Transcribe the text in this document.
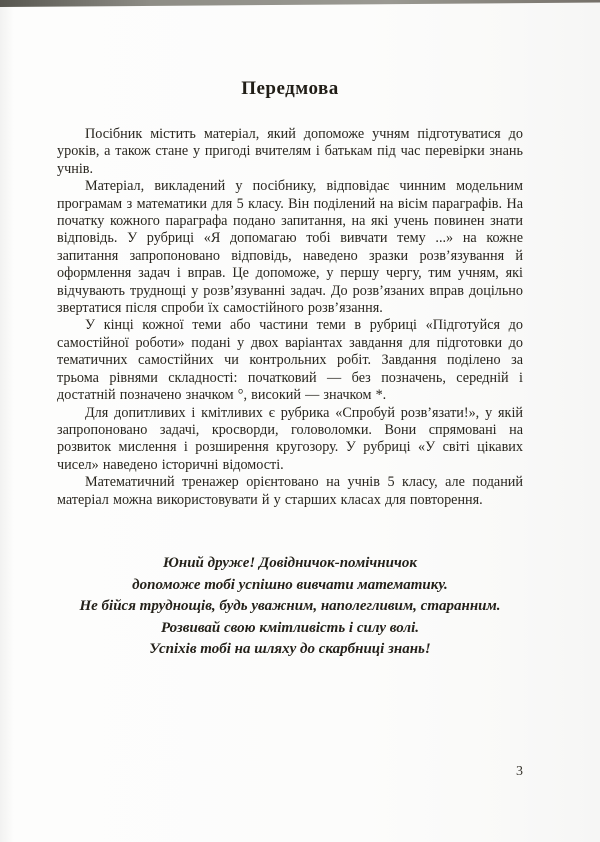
Передмова

Посібник містить матеріал, який допоможе учням підготуватися до уроків, а також стане у пригоді вчителям і батькам під час перевірки знань учнів.

Матеріал, викладений у посібнику, відповідає чинним модельним програмам з математики для 5 класу. Він поділений на вісім параграфів. На початку кожного параграфа подано запитання, на які учень повинен знати відповідь. У рубриці «Я допомагаю тобі вивчати тему ...» на кожне запитання запропоновано відповідь, наведено зразки розв’язування й оформлення задач і вправ. Це допоможе, у першу чергу, тим учням, які відчувають труднощі у розв’язуванні задач. До розв’язаних вправ доцільно звертатися після спроби їх самостійного розв’язання.

У кінці кожної теми або частини теми в рубриці «Підготуйся до самостійної роботи» подані у двох варіантах завдання для підготовки до тематичних самостійних чи контрольних робіт. Завдання поділено за трьома рівнями складності: початковий — без позначень, середній і достатній позначено значком °, високий — значком *.

Для допитливих і кмітливих є рубрика «Спробуй розв’язати!», у якій запропоновано задачі, кросворди, головоломки. Вони спрямовані на розвиток мислення і розширення кругозору. У рубриці «У світі цікавих чисел» наведено історичні відомості.

Математичний тренажер орієнтовано на учнів 5 класу, але поданий матеріал можна використовувати й у старших класах для повторення.

Юний друже! Довідничок-помічничок
допоможе тобі успішно вивчати математику.
Не бійся труднощів, будь уважним, наполегливим, старанним.
Розвивай свою кмітливість і силу волі.
Успіхів тобі на шляху до скарбниці знань!
3
